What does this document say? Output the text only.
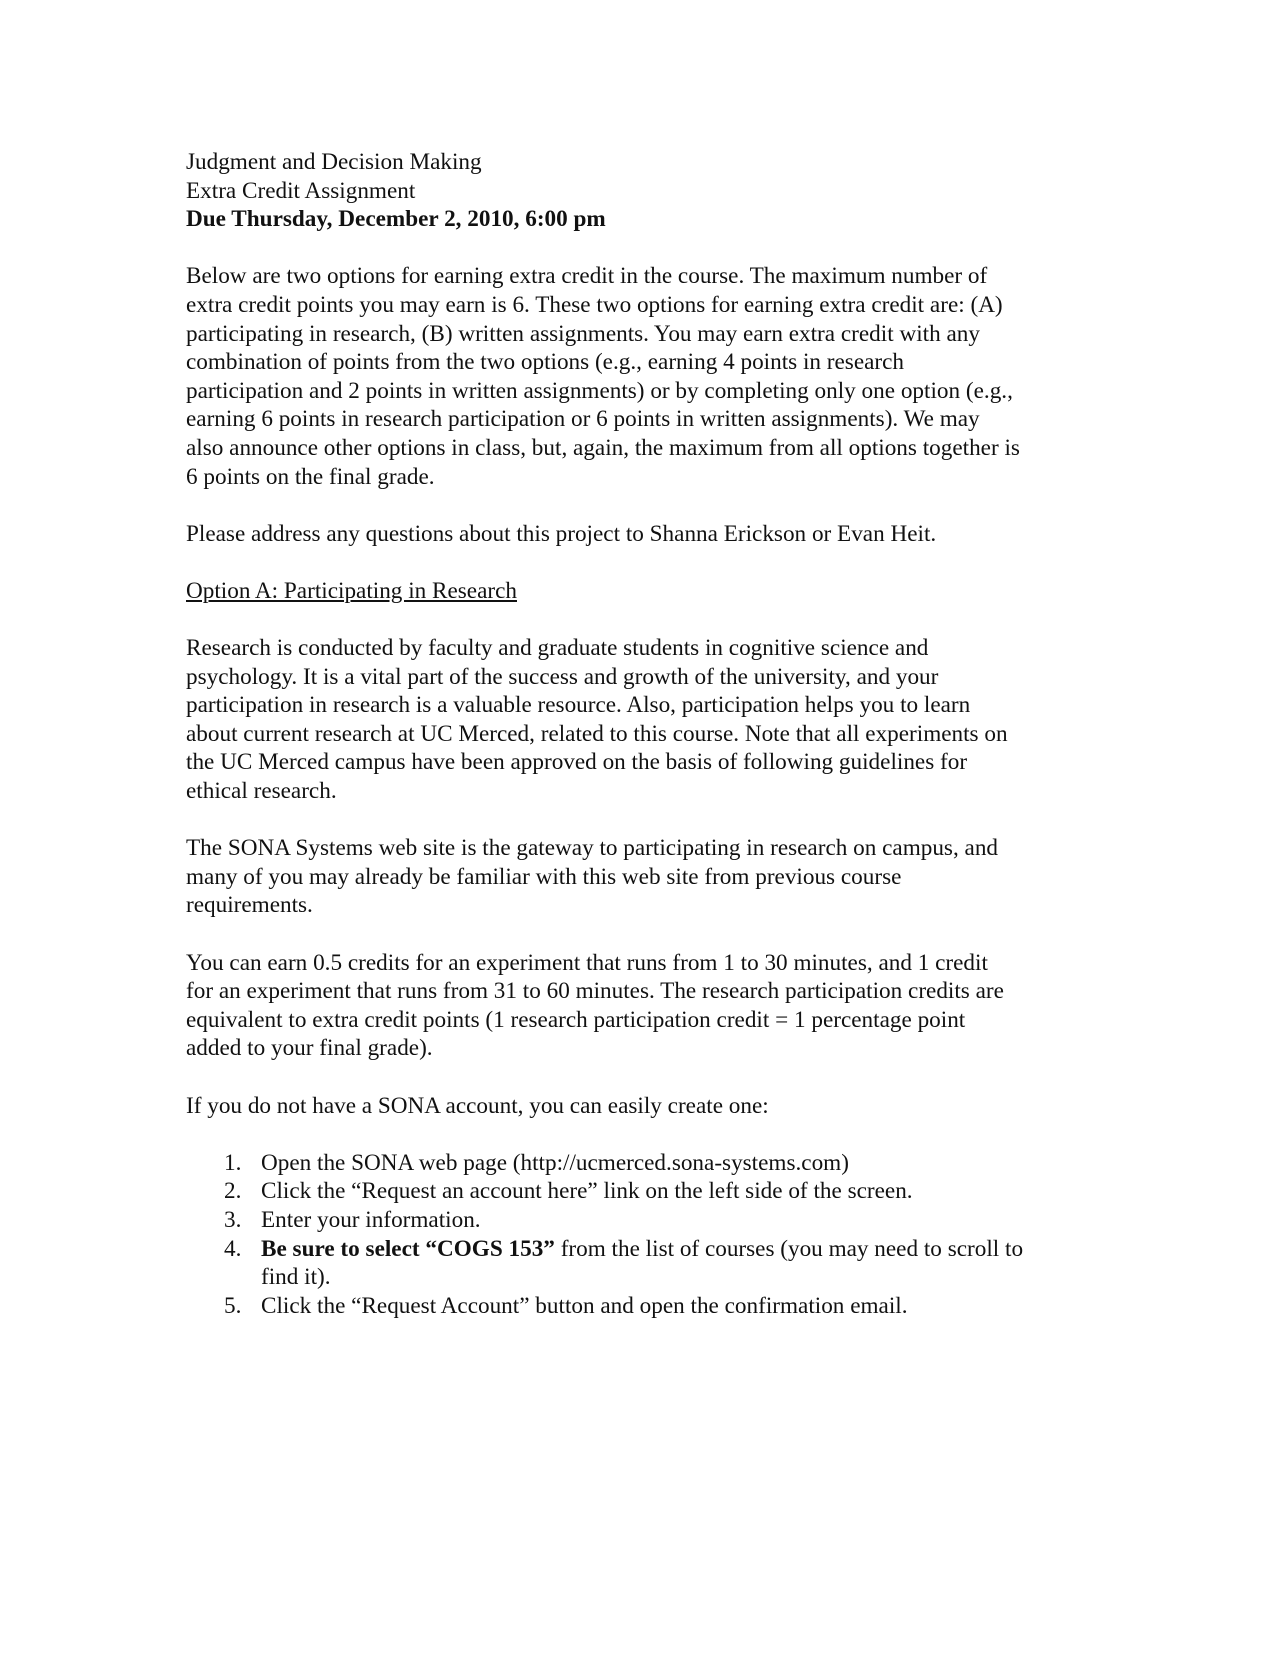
Judgment and Decision Making
Extra Credit Assignment
Due Thursday, December 2, 2010, 6:00 pm
Below are two options for earning extra credit in the course. The maximum number of
extra credit points you may earn is 6. These two options for earning extra credit are: (A)
participating in research, (B) written assignments. You may earn extra credit with any
combination of points from the two options (e.g., earning 4 points in research
participation and 2 points in written assignments) or by completing only one option (e.g.,
earning 6 points in research participation or 6 points in written assignments). We may
also announce other options in class, but, again, the maximum from all options together is
6 points on the final grade.
Please address any questions about this project to Shanna Erickson or Evan Heit.
Option A: Participating in Research
Research is conducted by faculty and graduate students in cognitive science and
psychology. It is a vital part of the success and growth of the university, and your
participation in research is a valuable resource. Also, participation helps you to learn
about current research at UC Merced, related to this course. Note that all experiments on
the UC Merced campus have been approved on the basis of following guidelines for
ethical research.
The SONA Systems web site is the gateway to participating in research on campus, and
many of you may already be familiar with this web site from previous course
requirements.
You can earn 0.5 credits for an experiment that runs from 1 to 30 minutes, and 1 credit
for an experiment that runs from 31 to 60 minutes. The research participation credits are
equivalent to extra credit points (1 research participation credit = 1 percentage point
added to your final grade).
If you do not have a SONA account, you can easily create one:
1. Open the SONA web page (http://ucmerced.sona-systems.com)
2. Click the “Request an account here” link on the left side of the screen.
3. Enter your information.
4. Be sure to select “COGS 153” from the list of courses (you may need to scroll to
find it).
5. Click the “Request Account” button and open the confirmation email.
